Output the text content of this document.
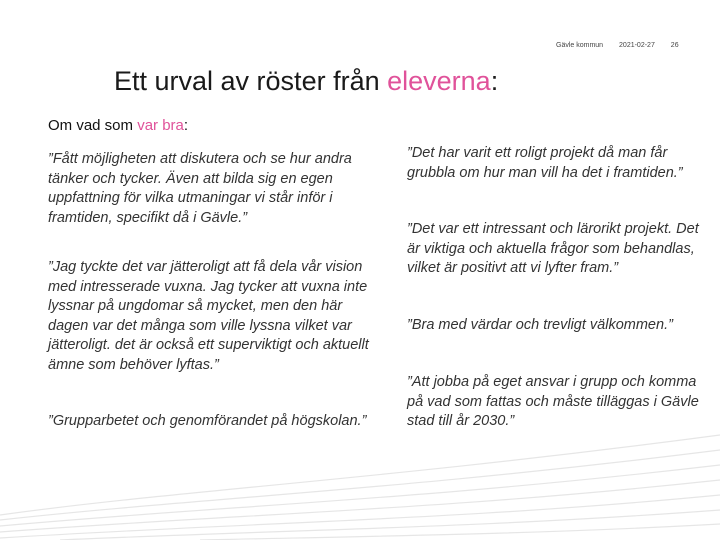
Gävle kommun 2021-02-27 26
Ett urval av röster från eleverna:
Om vad som var bra:

”Fått möjligheten att diskutera och se hur andra tänker och tycker. Även att bilda sig en egen uppfattning för vilka utmaningar vi står inför i framtiden, specifikt då i Gävle.”

”Jag tyckte det var jätteroligt att få dela vår vision med intresserade vuxna. Jag tycker att vuxna inte lyssnar på ungdomar så mycket, men den här dagen var det många som ville lyssna vilket var jätteroligt. det är också ett superviktigt och aktuellt ämne som behöver lyftas.”

”Grupparbetet och genomförandet på högskolan.”

”Det har varit ett roligt projekt då man får grubbla om hur man vill ha det i framtiden.”

”Det var ett intressant och lärorikt projekt. Det är viktiga och aktuella frågor som behandlas, vilket är positivt att vi lyfter fram.”

”Bra med värdar och trevligt välkommen.”

”Att jobba på eget ansvar i grupp och komma på vad som fattas och måste tilläggas i Gävle stad till år 2030.”
